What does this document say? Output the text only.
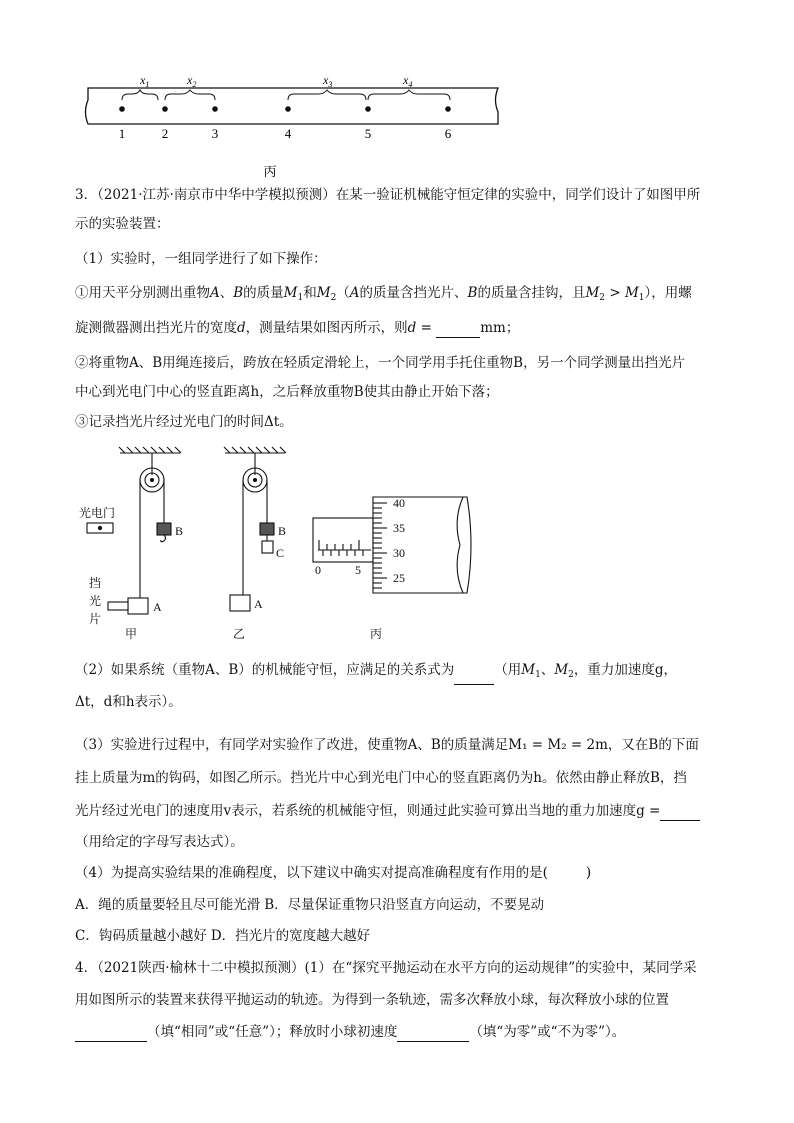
$x_1$	$x_2$	$x_3$	$x_4$
1	2	3	4	5	6
丙
3．（2021·江苏·南京市中华中学模拟预测）在某一验证机械能守恒定律的实验中，同学们设计了如图甲所
示的实验装置：
（1）实验时，一组同学进行了如下操作：
①用天平分别测出重物A、B的质量$M_1$和$M_2(A$的质量含挡光片、B的质量含挂钩，且$M_2 > M_1$），用螺
旋测微器测出挡光片的宽度d，测量结果如图丙所示，则d =	mm；
②将重物A、B用绳连接后，跨放在轻质定滑轮上，一个同学用手托住重物B，另一个同学测量出挡光片
中心到光电门中心的竖直距离h，之后释放重物B使其由静止开始下落；
③记录挡光片经过光电门的时间Δt。
光电门
B
A
挡
光
片
甲
B
C
A
乙
40
35
30
25
0	5
丙
（2）如果系统（重物A、B）的机械能守恒，应满足的关系式为	（用$M_1$、$M_2$，重力加速度g，
Δt，d和h表示）。
（3）实验进行过程中，有同学对实验作了改进，使重物A、B的质量满足M₁ = M₂ = 2m，又在B的下面
挂上质量为m的钩码，如图乙所示。挡光片中心到光电门中心的竖直距离仍为h。依然由静止释放B，挡
光片经过光电门的速度用v表示，若系统的机械能守恒，则通过此实验可算出当地的重力加速度g =
（用给定的字母写表达式）。
（4）为提高实验结果的准确程度，以下建议中确实对提高准确程度有作用的是(	)
A．绳的质量要轻且尽可能光滑 B．尽量保证重物只沿竖直方向运动，不要晃动
C．钩码质量越小越好 D．挡光片的宽度越大越好
4．（2021陕西·榆林十二中模拟预测）(1）在“探究平抛运动在水平方向的运动规律”的实验中，某同学采
用如图所示的装置来获得平抛运动的轨迹。为得到一条轨迹，需多次释放小球，每次释放小球的位置
（填“相同”或“任意”）；释放时小球初速度	（填“为零”或“不为零”）。
